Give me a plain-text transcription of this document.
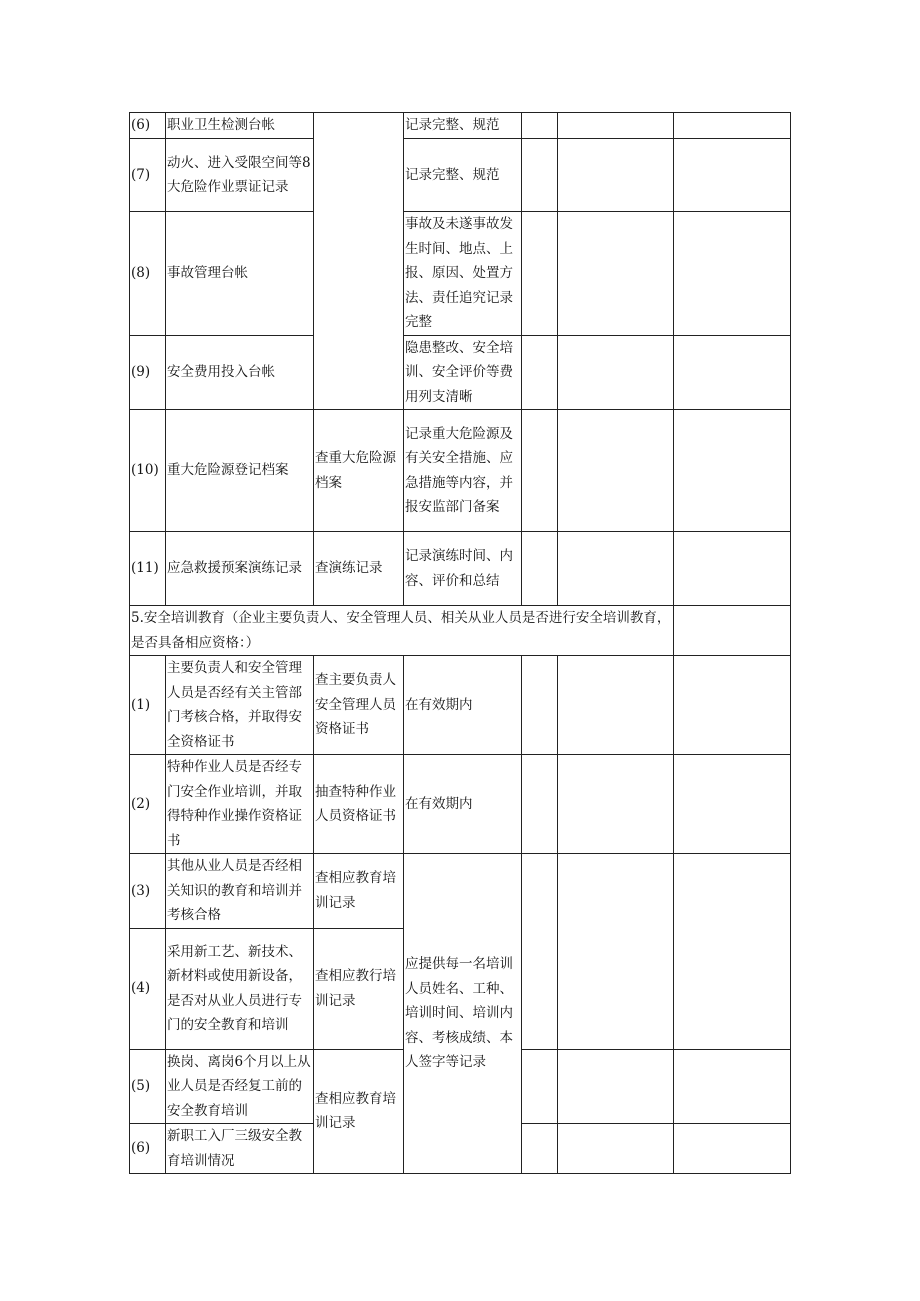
(6)	职业卫生检测台帐		记录完整、规范			
(7)	动火、进入受限空间等8大危险作业票证记录		记录完整、规范			
(8)	事故管理台帐		事故及未遂事故发生时间、地点、上报、原因、处置方法、责任追究记录完整			
(9)	安全费用投入台帐		隐患整改、安全培训、安全评价等费用列支清晰			
(10)	重大危险源登记档案	查重大危险源档案	记录重大危险源及有关安全措施、应急措施等内容，并报安监部门备案			
(11)	应急救援预案演练记录	查演练记录	记录演练时间、内容、评价和总结			
5.安全培训教育（企业主要负责人、安全管理人员、相关从业人员是否进行安全培训教育，是否具备相应资格：）						
(1)	主要负责人和安全管理人员是否经有关主管部门考核合格，并取得安全资格证书	查主要负责人安全管理人员资格证书	在有效期内			
(2)	特种作业人员是否经专门安全作业培训，并取得特种作业操作资格证书	抽查特种作业人员资格证书	在有效期内			
(3)	其他从业人员是否经相关知识的教育和培训并考核合格	查相应教育培训记录	应提供每一名培训人员姓名、工种、培训时间、培训内容、考核成绩、本人签字等记录			
(4)	采用新工艺、新技术、新材料或使用新设备，是否对从业人员进行专门的安全教育和培训	查相应教行培训记录				
(5)	换岗、离岗6个月以上从业人员是否经复工前的安全教育培训	查相应教育培训记录				
(6)	新职工入厂三级安全教育培训情况					
